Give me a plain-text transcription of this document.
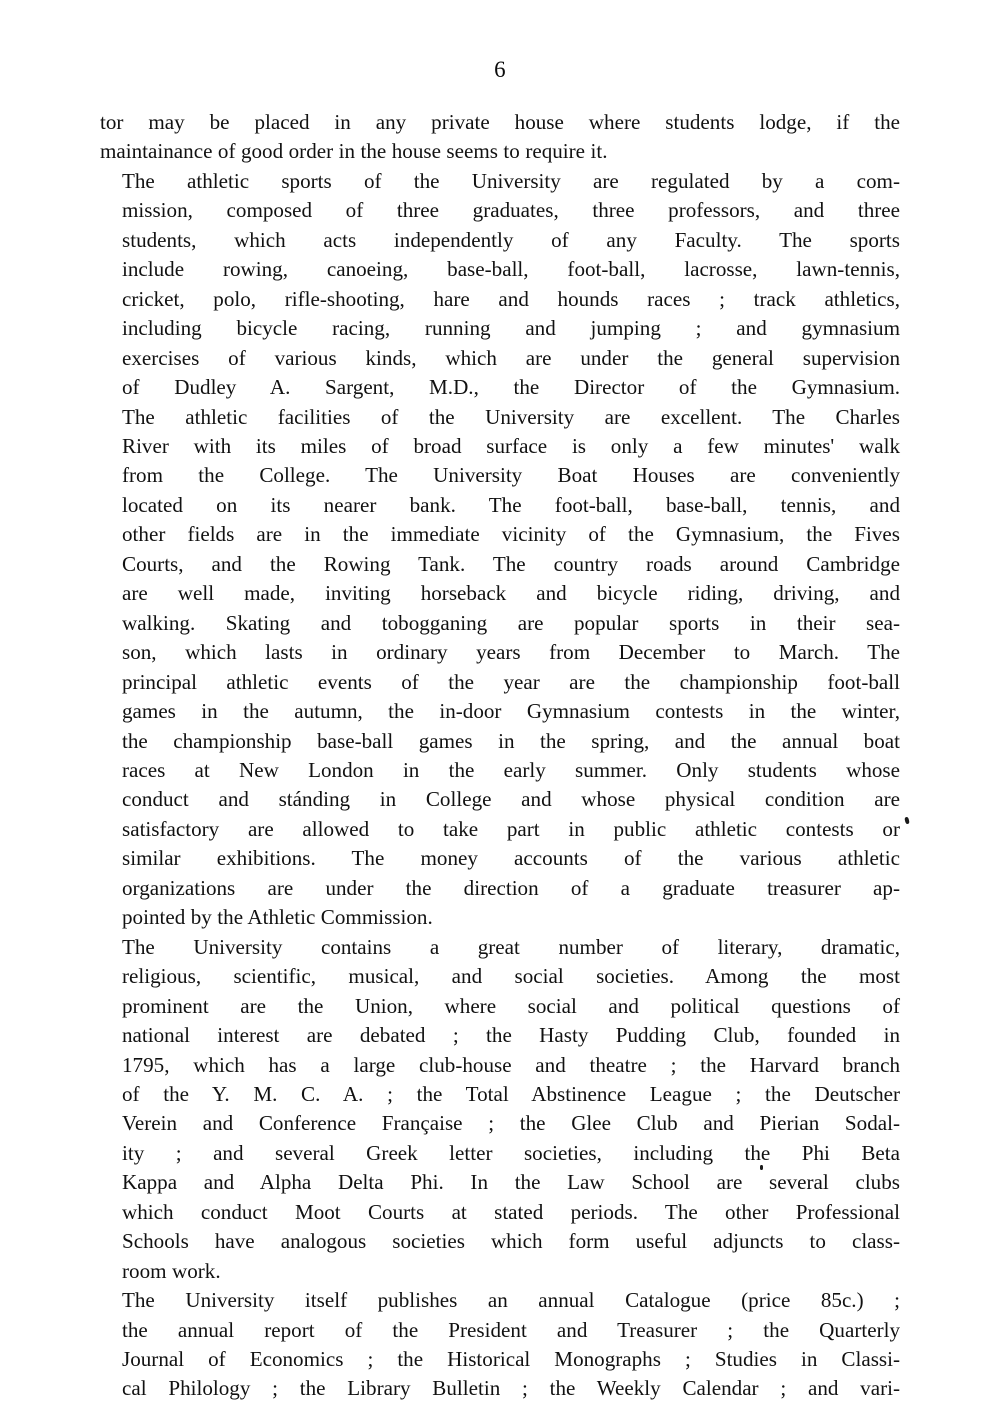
6

tor may be placed in any private house where students lodge, if the
maintainance of good order in the house seems to require it.

The athletic sports of the University are regulated by a com-
mission, composed of three graduates, three professors, and three
students, which acts independently of any Faculty. The sports
include rowing, canoeing, base-ball, foot-ball, lacrosse, lawn-tennis,
cricket, polo, rifle-shooting, hare and hounds races ; track athletics,
including bicycle racing, running and jumping ; and gymnasium
exercises of various kinds, which are under the general supervision
of Dudley A. Sargent, M.D., the Director of the Gymnasium.
The athletic facilities of the University are excellent. The Charles
River with its miles of broad surface is only a few minutes' walk
from the College. The University Boat Houses are conveniently
located on its nearer bank. The foot-ball, base-ball, tennis, and
other fields are in the immediate vicinity of the Gymnasium, the Fives
Courts, and the Rowing Tank. The country roads around Cambridge
are well made, inviting horseback and bicycle riding, driving, and
walking. Skating and tobogganing are popular sports in their sea-
son, which lasts in ordinary years from December to March. The
principal athletic events of the year are the championship foot-ball
games in the autumn, the in-door Gymnasium contests in the winter,
the championship base-ball games in the spring, and the annual boat
races at New London in the early summer. Only students whose
conduct and stánding in College and whose physical condition are
satisfactory are allowed to take part in public athletic contests or
similar exhibitions. The money accounts of the various athletic
organizations are under the direction of a graduate treasurer ap-
pointed by the Athletic Commission.

The University contains a great number of literary, dramatic,
religious, scientific, musical, and social societies. Among the most
prominent are the Union, where social and political questions of
national interest are debated ; the Hasty Pudding Club, founded in
1795, which has a large club-house and theatre ; the Harvard branch
of the Y. M. C. A. ; the Total Abstinence League ; the Deutscher
Verein and Conference Française ; the Glee Club and Pierian Sodal-
ity ; and several Greek letter societies, including the Phi Beta
Kappa and Alpha Delta Phi. In the Law School are several clubs
which conduct Moot Courts at stated periods. The other Professional
Schools have analogous societies which form useful adjuncts to class-
room work.

The University itself publishes an annual Catalogue (price 85c.) ;
the annual report of the President and Treasurer ; the Quarterly
Journal of Economics ; the Historical Monographs ; Studies in Classi-
cal Philology ; the Library Bulletin ; the Weekly Calendar ; and vari-
